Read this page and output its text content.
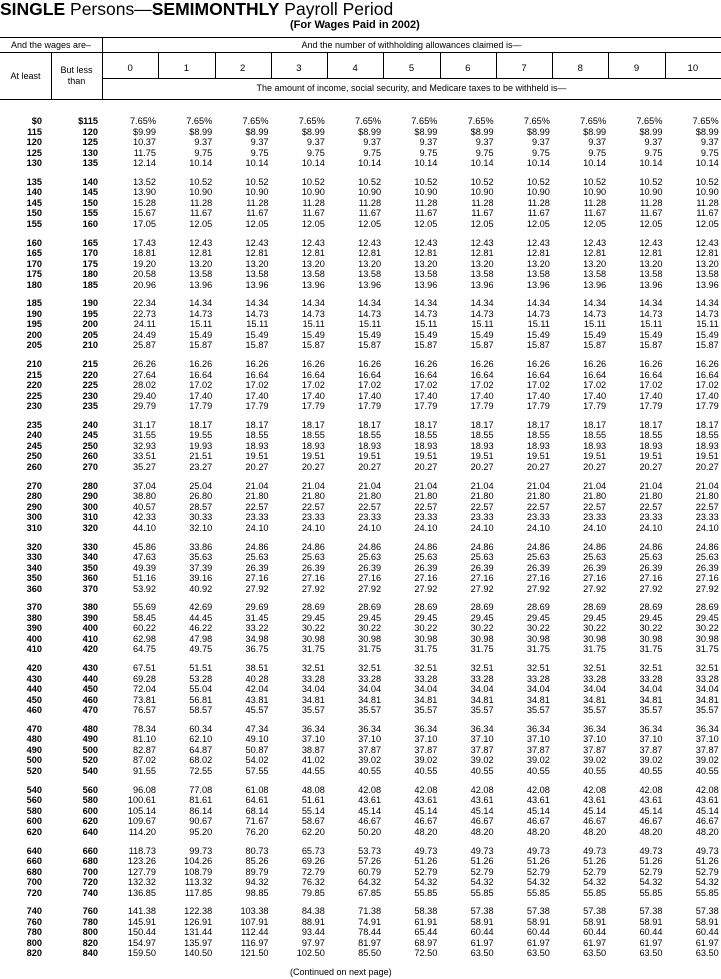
SINGLE Persons—SEMIMONTHLY Payroll Period
(For Wages Paid in 2002)
And the wages are–	And the number of withholding allowances claimed is—
At least
But less
than
The amount of income, social security, and Medicare taxes to be withheld is—
0	1	2	3	4	5	6	7	8	9	10
$0	$115	7.65%	7.65%	7.65%	7.65%	7.65%	7.65%	7.65%	7.65%	7.65%	7.65%	7.65%
115	120	$9.99	$8.99	$8.99	$8.99	$8.99	$8.99	$8.99	$8.99	$8.99	$8.99	$8.99
120	125	10.37	9.37	9.37	9.37	9.37	9.37	9.37	9.37	9.37	9.37	9.37
125	130	11.75	9.75	9.75	9.75	9.75	9.75	9.75	9.75	9.75	9.75	9.75
130	135	12.14	10.14	10.14	10.14	10.14	10.14	10.14	10.14	10.14	10.14	10.14
135	140	13.52	10.52	10.52	10.52	10.52	10.52	10.52	10.52	10.52	10.52	10.52
140	145	13.90	10.90	10.90	10.90	10.90	10.90	10.90	10.90	10.90	10.90	10.90
145	150	15.28	11.28	11.28	11.28	11.28	11.28	11.28	11.28	11.28	11.28	11.28
150	155	15.67	11.67	11.67	11.67	11.67	11.67	11.67	11.67	11.67	11.67	11.67
155	160	17.05	12.05	12.05	12.05	12.05	12.05	12.05	12.05	12.05	12.05	12.05
160	165	17.43	12.43	12.43	12.43	12.43	12.43	12.43	12.43	12.43	12.43	12.43
165	170	18.81	12.81	12.81	12.81	12.81	12.81	12.81	12.81	12.81	12.81	12.81
170	175	19.20	13.20	13.20	13.20	13.20	13.20	13.20	13.20	13.20	13.20	13.20
175	180	20.58	13.58	13.58	13.58	13.58	13.58	13.58	13.58	13.58	13.58	13.58
180	185	20.96	13.96	13.96	13.96	13.96	13.96	13.96	13.96	13.96	13.96	13.96
185	190	22.34	14.34	14.34	14.34	14.34	14.34	14.34	14.34	14.34	14.34	14.34
190	195	22.73	14.73	14.73	14.73	14.73	14.73	14.73	14.73	14.73	14.73	14.73
195	200	24.11	15.11	15.11	15.11	15.11	15.11	15.11	15.11	15.11	15.11	15.11
200	205	24.49	15.49	15.49	15.49	15.49	15.49	15.49	15.49	15.49	15.49	15.49
205	210	25.87	15.87	15.87	15.87	15.87	15.87	15.87	15.87	15.87	15.87	15.87
210	215	26.26	16.26	16.26	16.26	16.26	16.26	16.26	16.26	16.26	16.26	16.26
215	220	27.64	16.64	16.64	16.64	16.64	16.64	16.64	16.64	16.64	16.64	16.64
220	225	28.02	17.02	17.02	17.02	17.02	17.02	17.02	17.02	17.02	17.02	17.02
225	230	29.40	17.40	17.40	17.40	17.40	17.40	17.40	17.40	17.40	17.40	17.40
230	235	29.79	17.79	17.79	17.79	17.79	17.79	17.79	17.79	17.79	17.79	17.79
235	240	31.17	18.17	18.17	18.17	18.17	18.17	18.17	18.17	18.17	18.17	18.17
240	245	31.55	19.55	18.55	18.55	18.55	18.55	18.55	18.55	18.55	18.55	18.55
245	250	32.93	19.93	18.93	18.93	18.93	18.93	18.93	18.93	18.93	18.93	18.93
250	260	33.51	21.51	19.51	19.51	19.51	19.51	19.51	19.51	19.51	19.51	19.51
260	270	35.27	23.27	20.27	20.27	20.27	20.27	20.27	20.27	20.27	20.27	20.27
270	280	37.04	25.04	21.04	21.04	21.04	21.04	21.04	21.04	21.04	21.04	21.04
280	290	38.80	26.80	21.80	21.80	21.80	21.80	21.80	21.80	21.80	21.80	21.80
290	300	40.57	28.57	22.57	22.57	22.57	22.57	22.57	22.57	22.57	22.57	22.57
300	310	42.33	30.33	23.33	23.33	23.33	23.33	23.33	23.33	23.33	23.33	23.33
310	320	44.10	32.10	24.10	24.10	24.10	24.10	24.10	24.10	24.10	24.10	24.10
320	330	45.86	33.86	24.86	24.86	24.86	24.86	24.86	24.86	24.86	24.86	24.86
330	340	47.63	35.63	25.63	25.63	25.63	25.63	25.63	25.63	25.63	25.63	25.63
340	350	49.39	37.39	26.39	26.39	26.39	26.39	26.39	26.39	26.39	26.39	26.39
350	360	51.16	39.16	27.16	27.16	27.16	27.16	27.16	27.16	27.16	27.16	27.16
360	370	53.92	40.92	27.92	27.92	27.92	27.92	27.92	27.92	27.92	27.92	27.92
370	380	55.69	42.69	29.69	28.69	28.69	28.69	28.69	28.69	28.69	28.69	28.69
380	390	58.45	44.45	31.45	29.45	29.45	29.45	29.45	29.45	29.45	29.45	29.45
390	400	60.22	46.22	33.22	30.22	30.22	30.22	30.22	30.22	30.22	30.22	30.22
400	410	62.98	47.98	34.98	30.98	30.98	30.98	30.98	30.98	30.98	30.98	30.98
410	420	64.75	49.75	36.75	31.75	31.75	31.75	31.75	31.75	31.75	31.75	31.75
420	430	67.51	51.51	38.51	32.51	32.51	32.51	32.51	32.51	32.51	32.51	32.51
430	440	69.28	53.28	40.28	33.28	33.28	33.28	33.28	33.28	33.28	33.28	33.28
440	450	72.04	55.04	42.04	34.04	34.04	34.04	34.04	34.04	34.04	34.04	34.04
450	460	73.81	56.81	43.81	34.81	34.81	34.81	34.81	34.81	34.81	34.81	34.81
460	470	76.57	58.57	45.57	35.57	35.57	35.57	35.57	35.57	35.57	35.57	35.57
470	480	78.34	60.34	47.34	36.34	36.34	36.34	36.34	36.34	36.34	36.34	36.34
480	490	81.10	62.10	49.10	37.10	37.10	37.10	37.10	37.10	37.10	37.10	37.10
490	500	82.87	64.87	50.87	38.87	37.87	37.87	37.87	37.87	37.87	37.87	37.87
500	520	87.02	68.02	54.02	41.02	39.02	39.02	39.02	39.02	39.02	39.02	39.02
520	540	91.55	72.55	57.55	44.55	40.55	40.55	40.55	40.55	40.55	40.55	40.55
540	560	96.08	77.08	61.08	48.08	42.08	42.08	42.08	42.08	42.08	42.08	42.08
560	580	100.61	81.61	64.61	51.61	43.61	43.61	43.61	43.61	43.61	43.61	43.61
580	600	105.14	86.14	68.14	55.14	45.14	45.14	45.14	45.14	45.14	45.14	45.14
600	620	109.67	90.67	71.67	58.67	46.67	46.67	46.67	46.67	46.67	46.67	46.67
620	640	114.20	95.20	76.20	62.20	50.20	48.20	48.20	48.20	48.20	48.20	48.20
640	660	118.73	99.73	80.73	65.73	53.73	49.73	49.73	49.73	49.73	49.73	49.73
660	680	123.26	104.26	85.26	69.26	57.26	51.26	51.26	51.26	51.26	51.26	51.26
680	700	127.79	108.79	89.79	72.79	60.79	52.79	52.79	52.79	52.79	52.79	52.79
700	720	132.32	113.32	94.32	76.32	64.32	54.32	54.32	54.32	54.32	54.32	54.32
720	740	136.85	117.85	98.85	79.85	67.85	55.85	55.85	55.85	55.85	55.85	55.85
740	760	141.38	122.38	103.38	84.38	71.38	58.38	57.38	57.38	57.38	57.38	57.38
760	780	145.91	126.91	107.91	88.91	74.91	61.91	58.91	58.91	58.91	58.91	58.91
780	800	150.44	131.44	112.44	93.44	78.44	65.44	60.44	60.44	60.44	60.44	60.44
800	820	154.97	135.97	116.97	97.97	81.97	68.97	61.97	61.97	61.97	61.97	61.97
820	840	159.50	140.50	121.50	102.50	85.50	72.50	63.50	63.50	63.50	63.50	63.50
(Continued on next page)
